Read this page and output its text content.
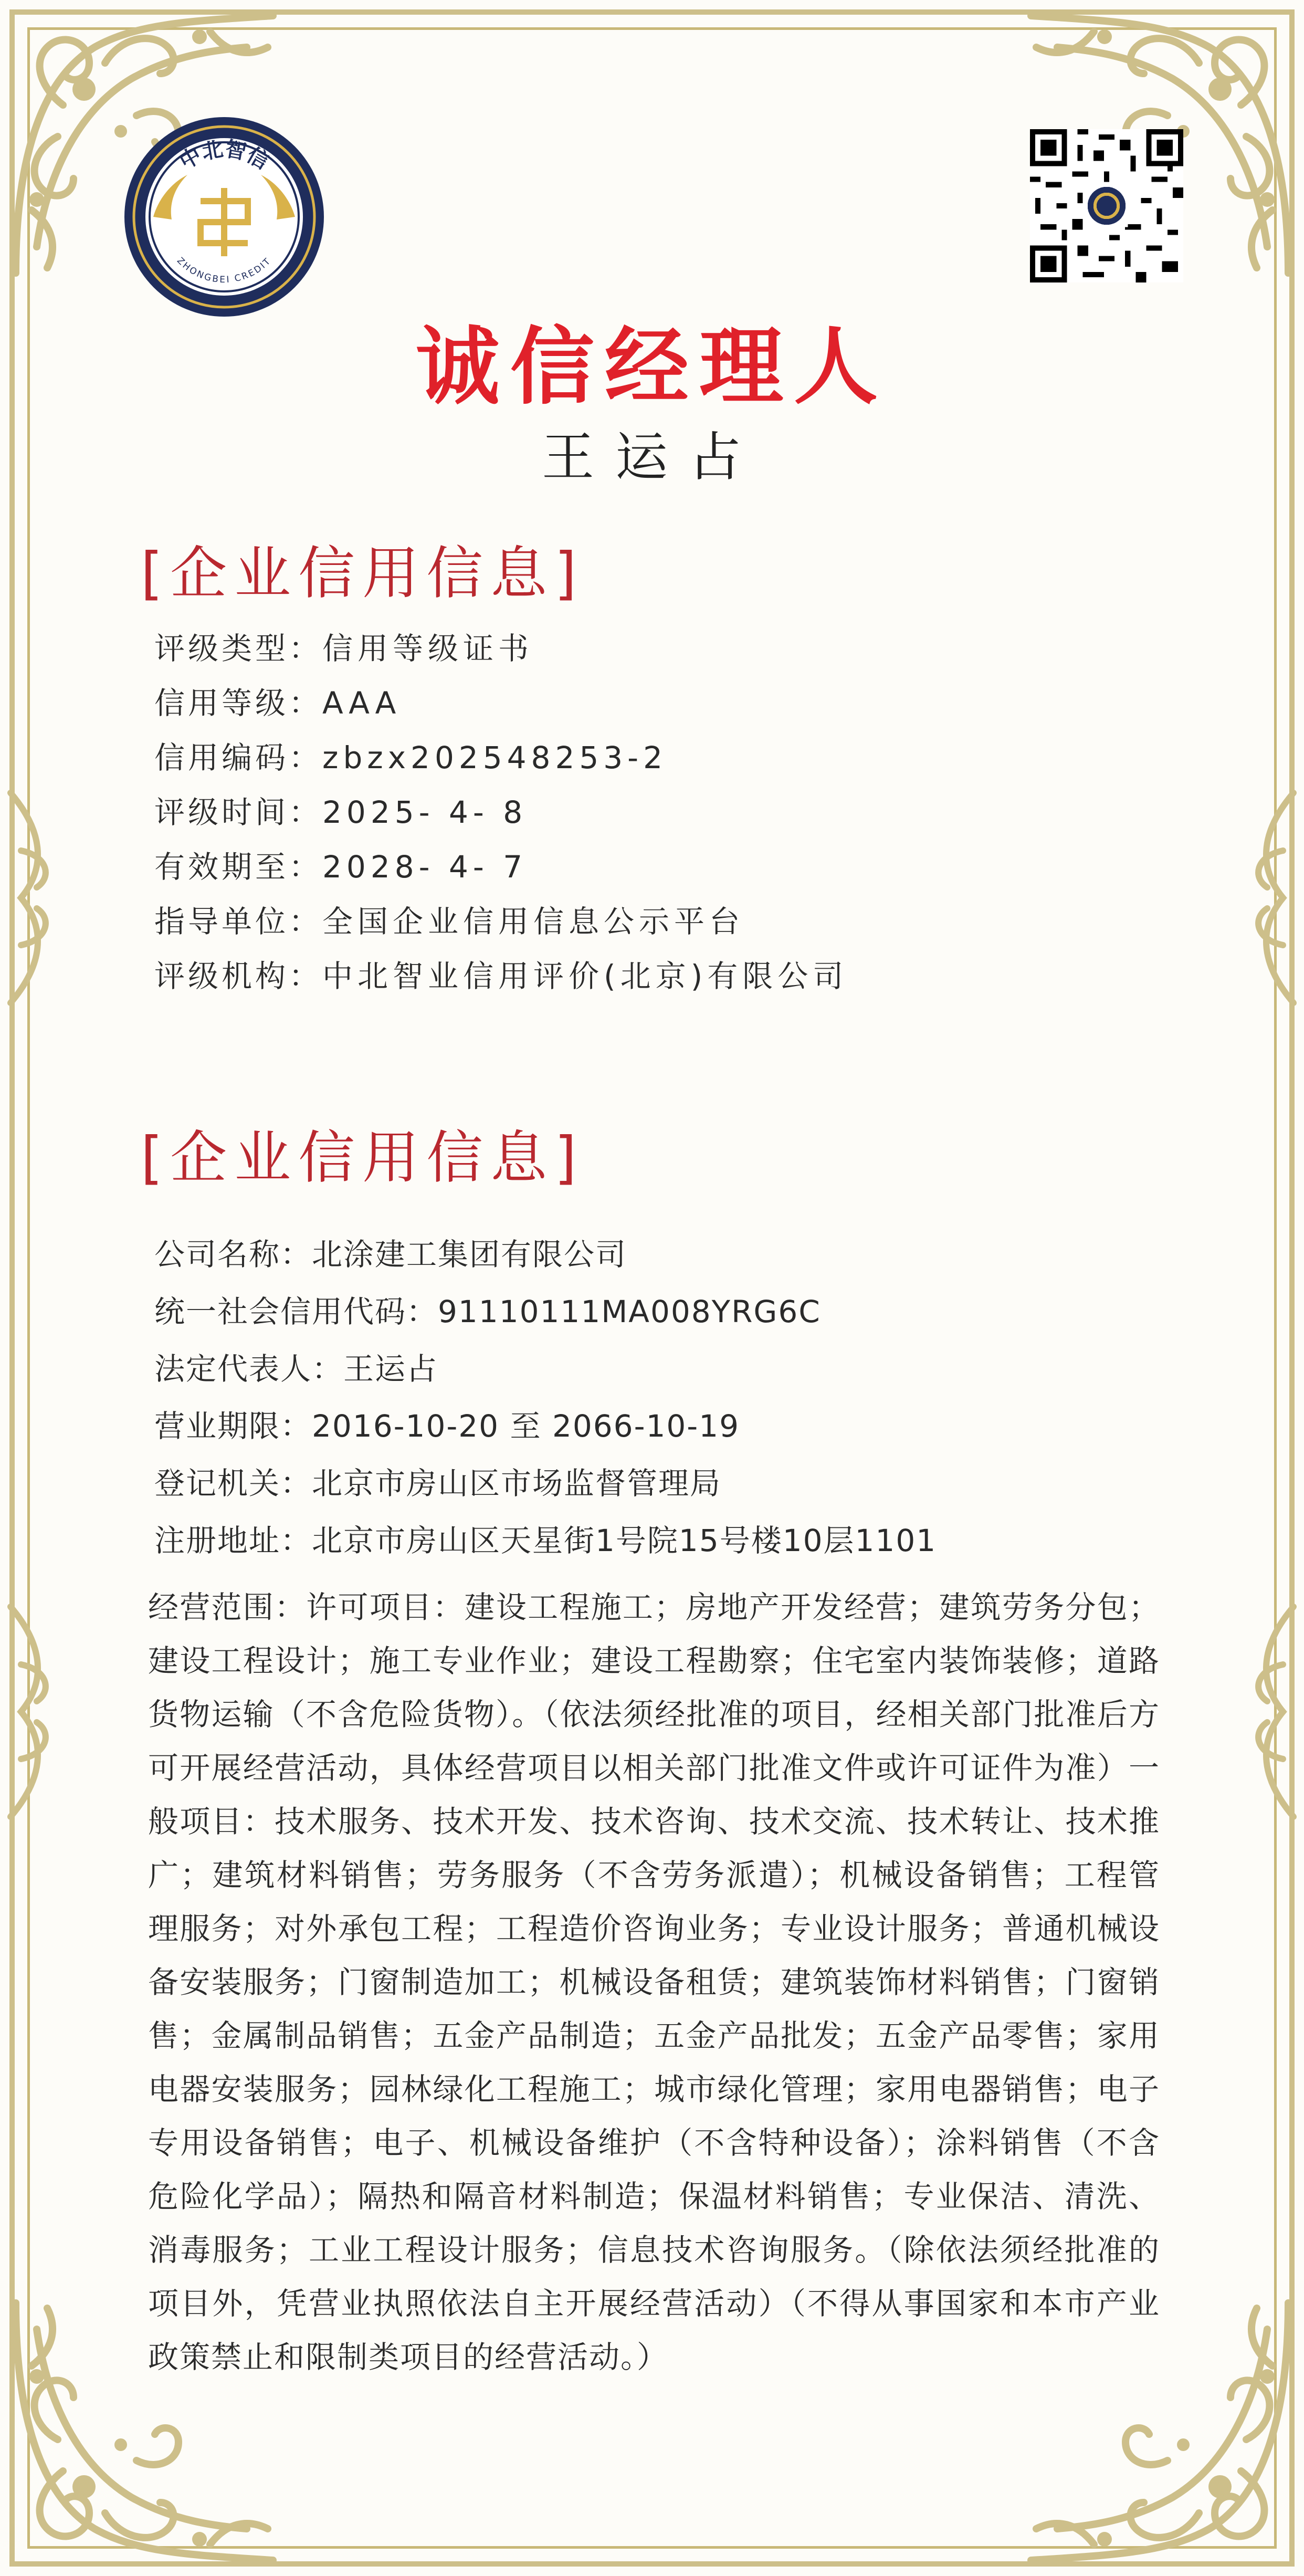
中北智信
ZHONGBEI CREDIT
诚信经理人
王运占
[企业信用信息]
评级类型：信用等级证书
信用等级：AAA
信用编码：zbzx202548253-2
评级时间：2025- 4- 8
有效期至：2028- 4- 7
指导单位：全国企业信用信息公示平台
评级机构：中北智业信用评价(北京)有限公司
[企业信用信息]
公司名称：北涂建工集团有限公司
统一社会信用代码：91110111MA008YRG6C
法定代表人：王运占
营业期限：2016-10-20 至 2066-10-19
登记机关：北京市房山区市场监督管理局
注册地址：北京市房山区天星街1号院15号楼10层1101
经营范围：许可项目：建设工程施工；房地产开发经营；建筑劳务分包；建设工程设计；施工专业作业；建设工程勘察；住宅室内装饰装修；道路货物运输（不含危险货物）。（依法须经批准的项目，经相关部门批准后方可开展经营活动，具体经营项目以相关部门批准文件或许可证件为准）一般项目：技术服务、技术开发、技术咨询、技术交流、技术转让、技术推广；建筑材料销售；劳务服务（不含劳务派遣）；机械设备销售；工程管理服务；对外承包工程；工程造价咨询业务；专业设计服务；普通机械设备安装服务；门窗制造加工；机械设备租赁；建筑装饰材料销售；门窗销售；金属制品销售；五金产品制造；五金产品批发；五金产品零售；家用电器安装服务；园林绿化工程施工；城市绿化管理；家用电器销售；电子专用设备销售；电子、机械设备维护（不含特种设备）；涂料销售（不含危险化学品）；隔热和隔音材料制造；保温材料销售；专业保洁、清洗、消毒服务；工业工程设计服务；信息技术咨询服务。（除依法须经批准的项目外，凭营业执照依法自主开展经营活动）（不得从事国家和本市产业政策禁止和限制类项目的经营活动。）
